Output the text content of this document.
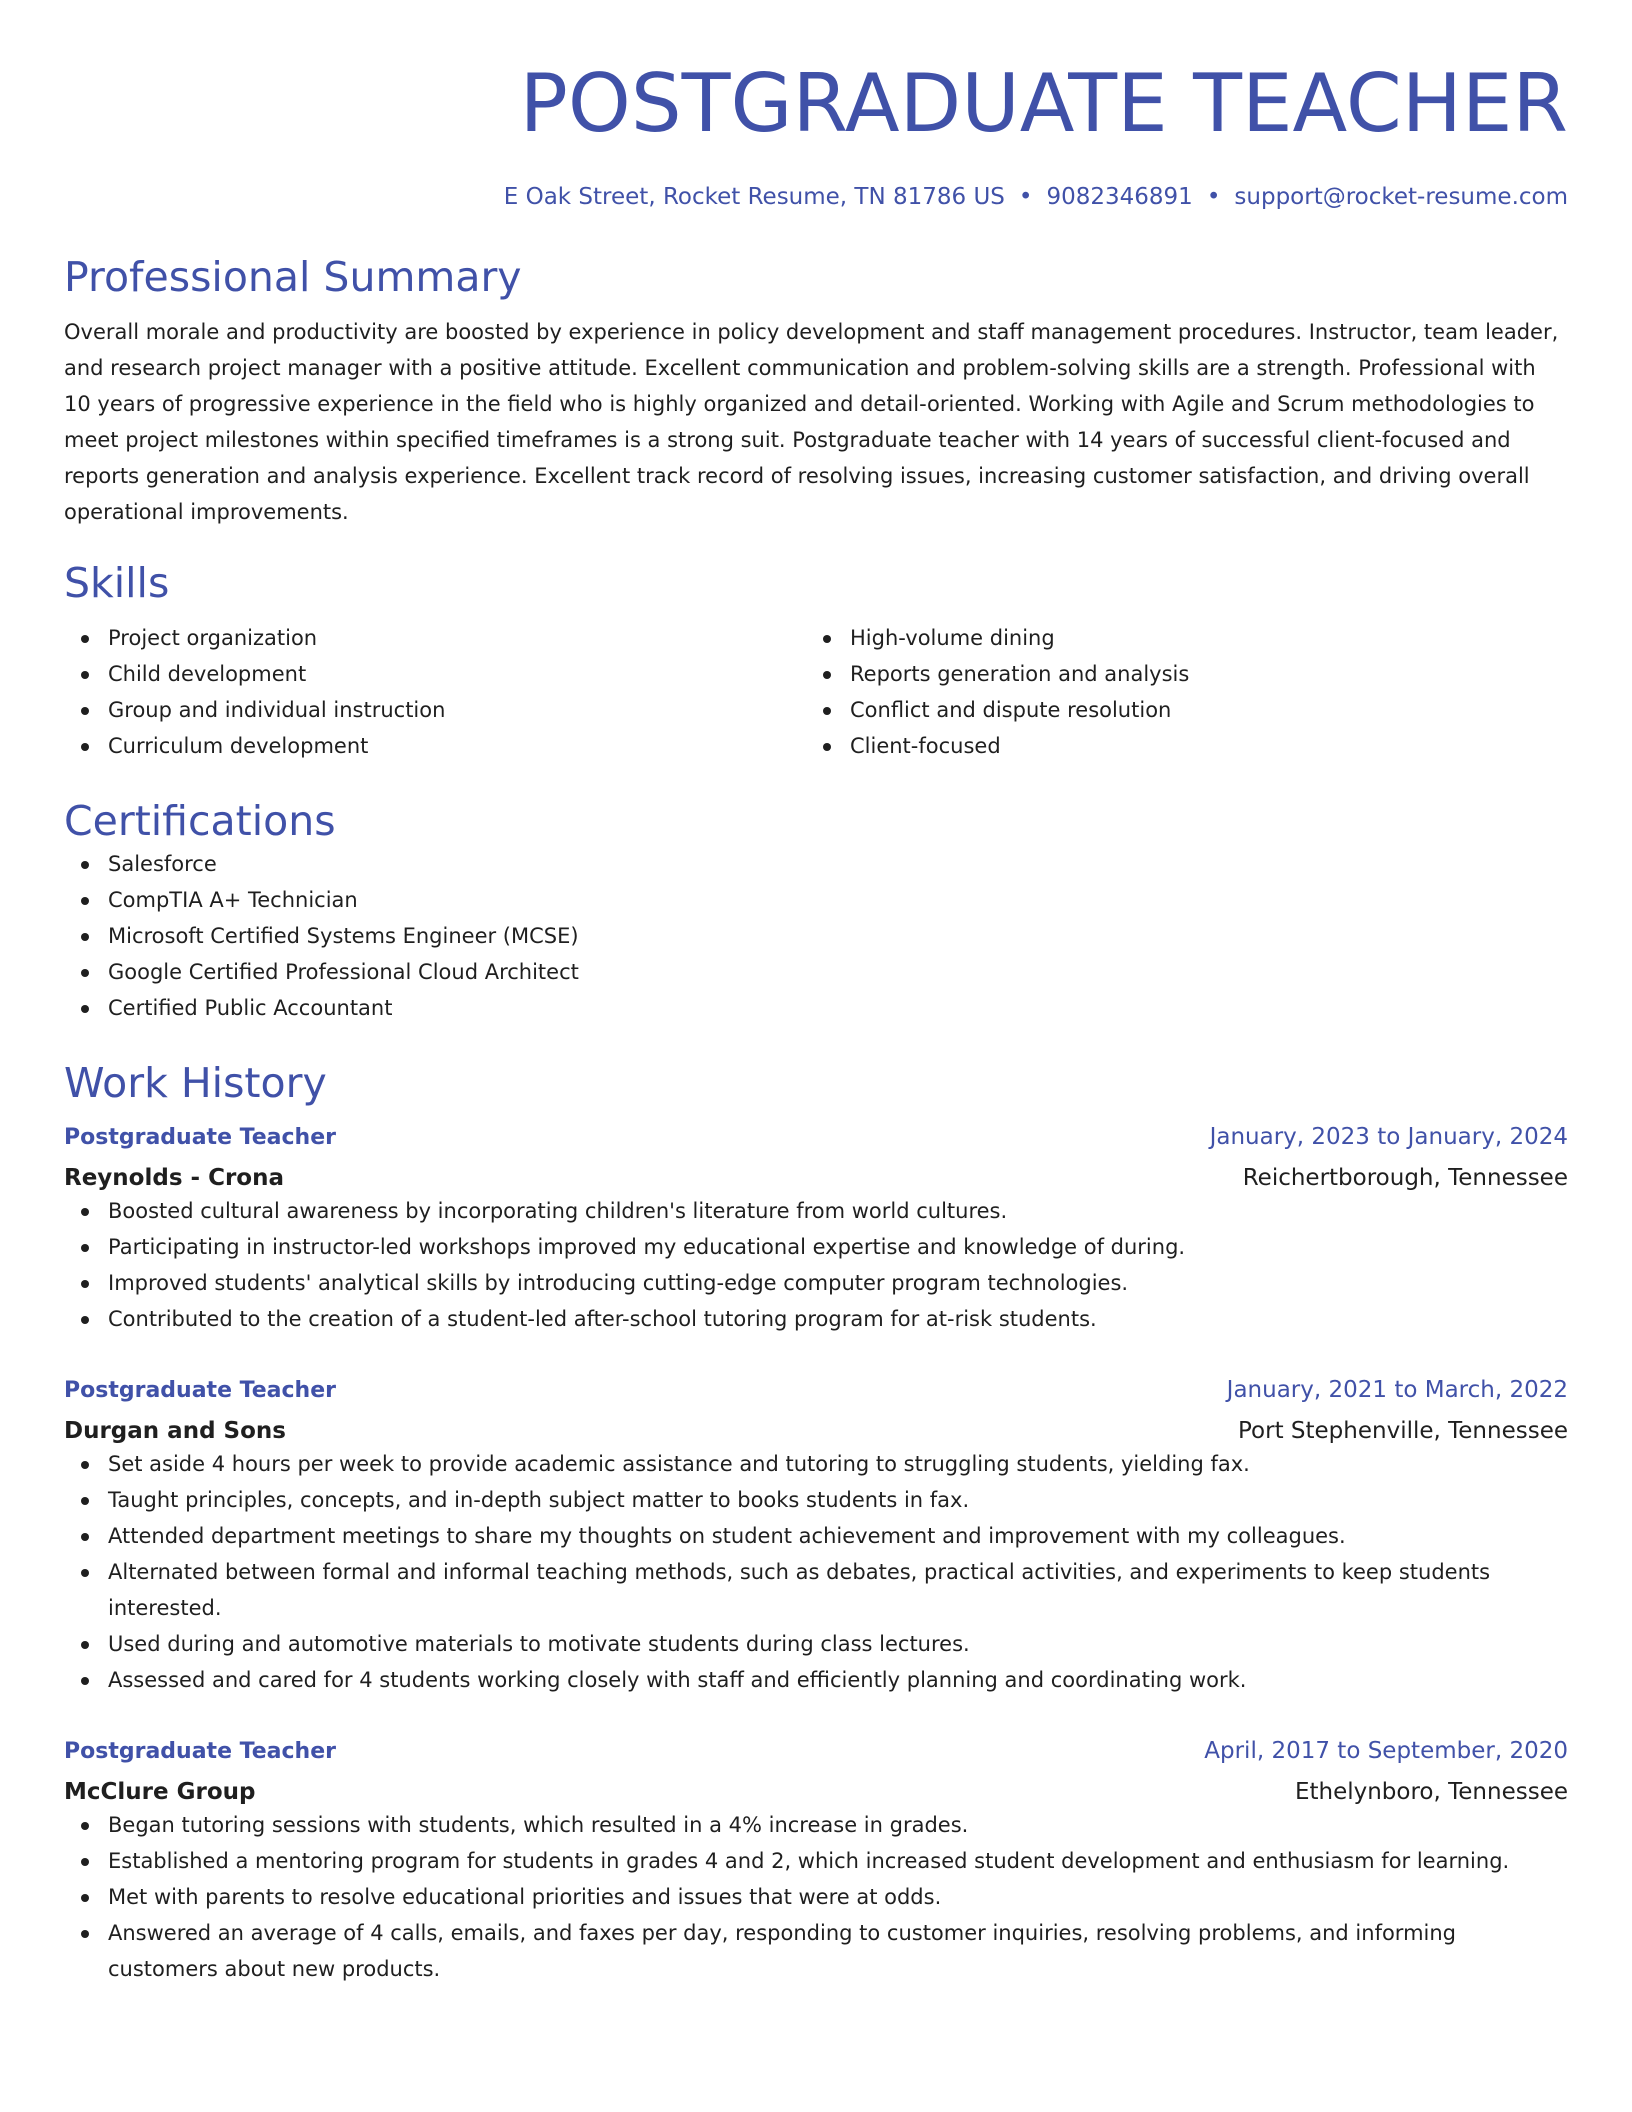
POSTGRADUATE TEACHER
E Oak Street, Rocket Resume, TN 81786 US • 9082346891 • support@rocket-resume.com
Professional Summary
Overall morale and productivity are boosted by experience in policy development and staff management procedures. Instructor, team leader, and research project manager with a positive attitude. Excellent communication and problem-solving skills are a strength. Professional with 10 years of progressive experience in the field who is highly organized and detail-oriented. Working with Agile and Scrum methodologies to meet project milestones within specified timeframes is a strong suit. Postgraduate teacher with 14 years of successful client-focused and reports generation and analysis experience. Excellent track record of resolving issues, increasing customer satisfaction, and driving overall operational improvements.
Skills
Project organization
Child development
Group and individual instruction
Curriculum development
High-volume dining
Reports generation and analysis
Conflict and dispute resolution
Client-focused
Certifications
Salesforce
CompTIA A+ Technician
Microsoft Certified Systems Engineer (MCSE)
Google Certified Professional Cloud Architect
Certified Public Accountant
Work History
Postgraduate Teacher	January, 2023 to January, 2024
Reynolds - Crona	Reichertborough, Tennessee
Boosted cultural awareness by incorporating children's literature from world cultures.
Participating in instructor-led workshops improved my educational expertise and knowledge of during.
Improved students' analytical skills by introducing cutting-edge computer program technologies.
Contributed to the creation of a student-led after-school tutoring program for at-risk students.
Postgraduate Teacher	January, 2021 to March, 2022
Durgan and Sons	Port Stephenville, Tennessee
Set aside 4 hours per week to provide academic assistance and tutoring to struggling students, yielding fax.
Taught principles, concepts, and in-depth subject matter to books students in fax.
Attended department meetings to share my thoughts on student achievement and improvement with my colleagues.
Alternated between formal and informal teaching methods, such as debates, practical activities, and experiments to keep students interested.
Used during and automotive materials to motivate students during class lectures.
Assessed and cared for 4 students working closely with staff and efficiently planning and coordinating work.
Postgraduate Teacher	April, 2017 to September, 2020
McClure Group	Ethelynboro, Tennessee
Began tutoring sessions with students, which resulted in a 4% increase in grades.
Established a mentoring program for students in grades 4 and 2, which increased student development and enthusiasm for learning.
Met with parents to resolve educational priorities and issues that were at odds.
Answered an average of 4 calls, emails, and faxes per day, responding to customer inquiries, resolving problems, and informing customers about new products.
